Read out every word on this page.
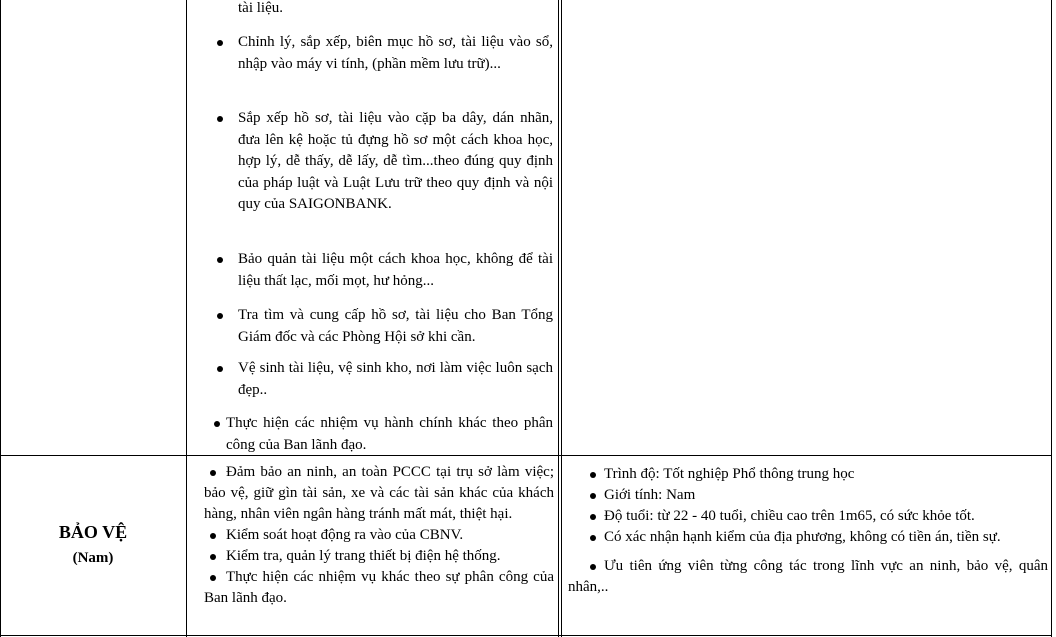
tài liệu.
Chỉnh lý, sắp xếp, biên mục hồ sơ, tài liệu vào sổ, nhập vào máy vi tính, (phần mềm lưu trữ)...
Sắp xếp hồ sơ, tài liệu vào cặp ba dây, dán nhãn, đưa lên kệ hoặc tủ đựng hồ sơ một cách khoa học, hợp lý, dễ thấy, dễ lấy, dễ tìm...theo đúng quy định của pháp luật và Luật Lưu trữ theo quy định và nội quy của SAIGONBANK.
Bảo quản tài liệu một cách khoa học, không để tài liệu thất lạc, mối mọt, hư hỏng...
Tra tìm và cung cấp hồ sơ, tài liệu cho Ban Tổng Giám đốc và các Phòng Hội sở khi cần.
Vệ sinh tài liệu, vệ sinh kho, nơi làm việc luôn sạch đẹp..
Thực hiện các nhiệm vụ hành chính khác theo phân công của Ban lãnh đạo.
BẢO VỆ
(Nam)

Đảm bảo an ninh, an toàn PCCC tại trụ sở làm việc; bảo vệ, giữ gìn tài sản, xe và các tài sản khác của khách hàng, nhân viên ngân hàng tránh mất mát, thiệt hại.

Kiểm soát hoạt động ra vào của CBNV.

Kiểm tra, quản lý trang thiết bị điện hệ thống.

Thực hiện các nhiệm vụ khác theo sự phân công của Ban lãnh đạo.

Trình độ: Tốt nghiệp Phổ thông trung học

Giới tính: Nam

Độ tuổi: từ 22 - 40 tuổi, chiều cao trên 1m65, có sức khỏe tốt.

Có xác nhận hạnh kiểm của địa phương, không có tiền án, tiền sự.

Ưu tiên ứng viên từng công tác trong lĩnh vực an ninh, bảo vệ, quân nhân,..
